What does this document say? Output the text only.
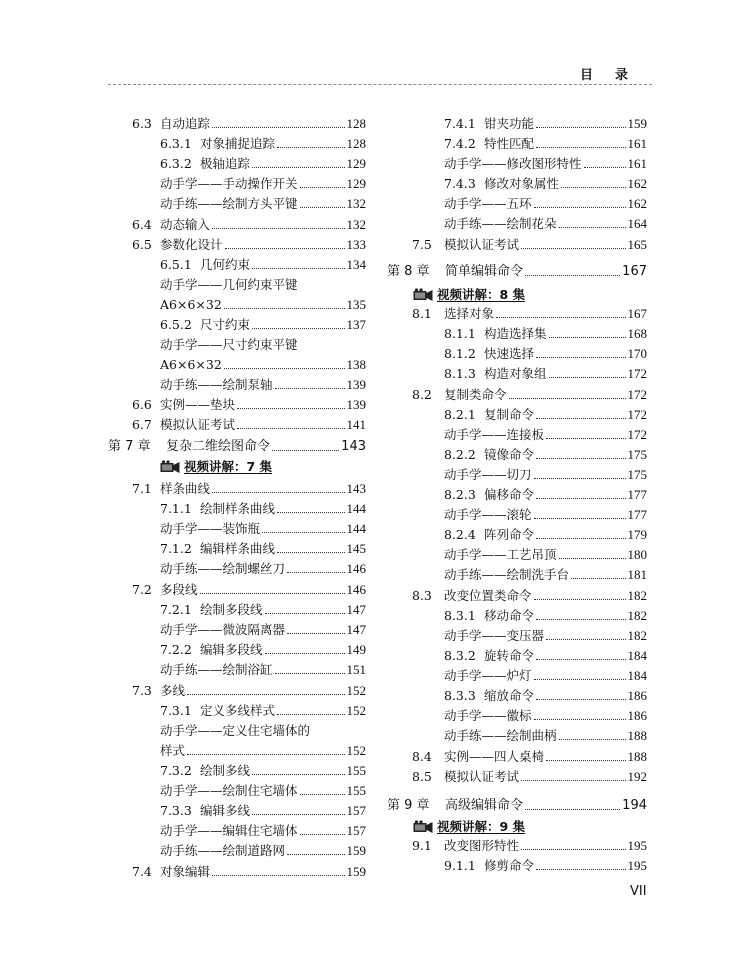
目录
6.3 自动追踪	128
6.3.1 对象捕捉追踪	128
6.3.2 极轴追踪	129
动手学——手动操作开关	129
动手练——绘制方头平键	132
6.4 动态输入	132
6.5 参数化设计	133
6.5.1 几何约束	134
动手学——几何约束平键
A6×6×32	135
6.5.2 尺寸约束	137
动手学——尺寸约束平键
A6×6×32	138
动手练——绘制泵轴	139
6.6 实例——垫块	139
6.7 模拟认证考试	141
第 7 章	复杂二维绘图命令	143
视频讲解：7 集
7.1 样条曲线	143
7.1.1 绘制样条曲线	144
动手学——装饰瓶	144
7.1.2 编辑样条曲线	145
动手练——绘制螺丝刀	146
7.2 多段线	146
7.2.1 绘制多段线	147
动手学——微波隔离器	147
7.2.2 编辑多段线	149
动手练——绘制浴缸	151
7.3 多线	152
7.3.1 定义多线样式	152
动手学——定义住宅墙体的
样式	152
7.3.2 绘制多线	155
动手学——绘制住宅墙体	155
7.3.3 编辑多线	157
动手学——编辑住宅墙体	157
动手练——绘制道路网	159
7.4 对象编辑	159
7.4.1 钳夹功能	159
7.4.2 特性匹配	161
动手学——修改图形特性	161
7.4.3 修改对象属性	162
动手学——五环	162
动手练——绘制花朵	164
7.5 模拟认证考试	165
第 8 章	简单编辑命令	167
视频讲解：8 集
8.1 选择对象	167
8.1.1 构造选择集	168
8.1.2 快速选择	170
8.1.3 构造对象组	172
8.2 复制类命令	172
8.2.1 复制命令	172
动手学——连接板	172
8.2.2 镜像命令	175
动手学——切刀	175
8.2.3 偏移命令	177
动手学——滚轮	177
8.2.4 阵列命令	179
动手学——工艺吊顶	180
动手练——绘制洗手台	181
8.3 改变位置类命令	182
8.3.1 移动命令	182
动手学——变压器	182
8.3.2 旋转命令	184
动手学——炉灯	184
8.3.3 缩放命令	186
动手学——徽标	186
动手练——绘制曲柄	188
8.4 实例——四人桌椅	188
8.5 模拟认证考试	192
第 9 章	高级编辑命令	194
视频讲解：9 集
9.1 改变图形特性	195
9.1.1 修剪命令	195
VII
